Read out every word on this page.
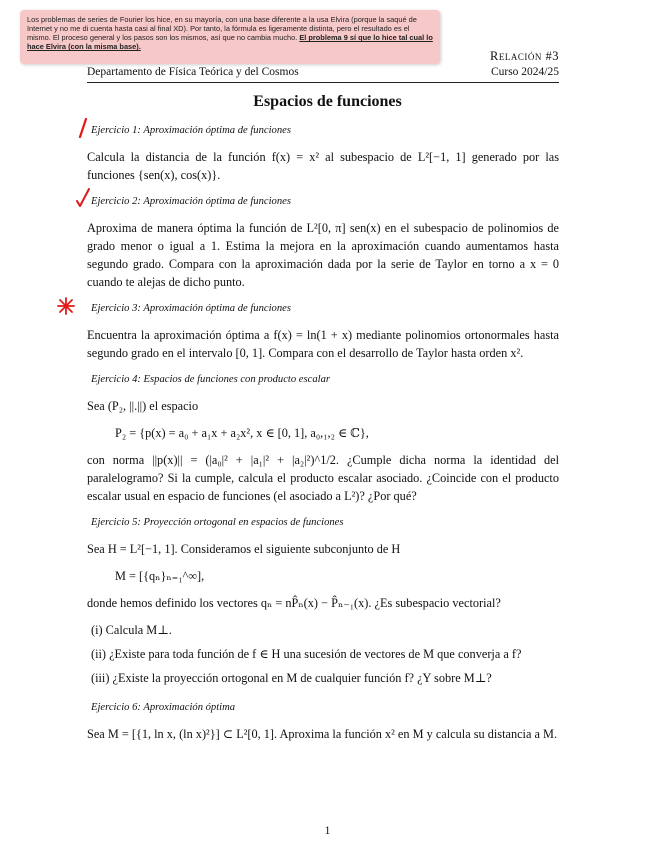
Los problemas de series de Fourier los hice, en su mayoría, con una base diferente a la usa Elvira (porque la saqué de Internet y no me di cuenta hasta casi al final XD). Por tanto, la fórmula es ligeramente distinta, pero el resultado es el mismo. El proceso general y los pasos son los mismos, así que no cambia mucho. El problema 9 sí que lo hice tal cual lo hace Elvira (con la misma base).
Relación #3
Departamento de Física Teórica y del Cosmos	Curso 2024/25
Espacios de funciones
Ejercicio 1: Aproximación óptima de funciones
Calcula la distancia de la función f(x) = x² al subespacio de L²[−1, 1] generado por las funciones {sen(x), cos(x)}.
Ejercicio 2: Aproximación óptima de funciones
Aproxima de manera óptima la función de L²[0, π] sen(x) en el subespacio de polinomios de grado menor o igual a 1. Estima la mejora en la aproximación cuando aumentamos hasta segundo grado. Compara con la aproximación dada por la serie de Taylor en torno a x = 0 cuando te alejas de dicho punto.
Ejercicio 3: Aproximación óptima de funciones
Encuentra la aproximación óptima a f(x) = ln(1 + x) mediante polinomios ortonormales hasta segundo grado en el intervalo [0, 1]. Compara con el desarrollo de Taylor hasta orden x².
Ejercicio 4: Espacios de funciones con producto escalar
Sea (P₂, ||.||) el espacio
P₂ = {p(x) = a₀ + a₁x + a₂x², x ∈ [0, 1], a₀,₁,₂ ∈ ℂ},
con norma ||p(x)|| = (|a₀|² + |a₁|² + |a₂|²)^1/2. ¿Cumple dicha norma la identidad del paralelogramo? Si la cumple, calcula el producto escalar asociado. ¿Coincide con el producto escalar usual en espacio de funciones (el asociado a L²)? ¿Por qué?
Ejercicio 5: Proyección ortogonal en espacios de funciones
Sea H = L²[−1, 1]. Consideramos el siguiente subconjunto de H
M = [{qₙ}ₙ₌₁^∞],
donde hemos definido los vectores qₙ = nP̂ₙ(x) − P̂ₙ₋₁(x). ¿Es subespacio vectorial?
(i) Calcula M⊥.
(ii) ¿Existe para toda función de f ∈ H una sucesión de vectores de M que converja a f?
(iii) ¿Existe la proyección ortogonal en M de cualquier función f? ¿Y sobre M⊥?
Ejercicio 6: Aproximación óptima
Sea M = [{1, ln x, (ln x)²}] ⊂ L²[0, 1]. Aproxima la función x² en M y calcula su distancia a M.
1
